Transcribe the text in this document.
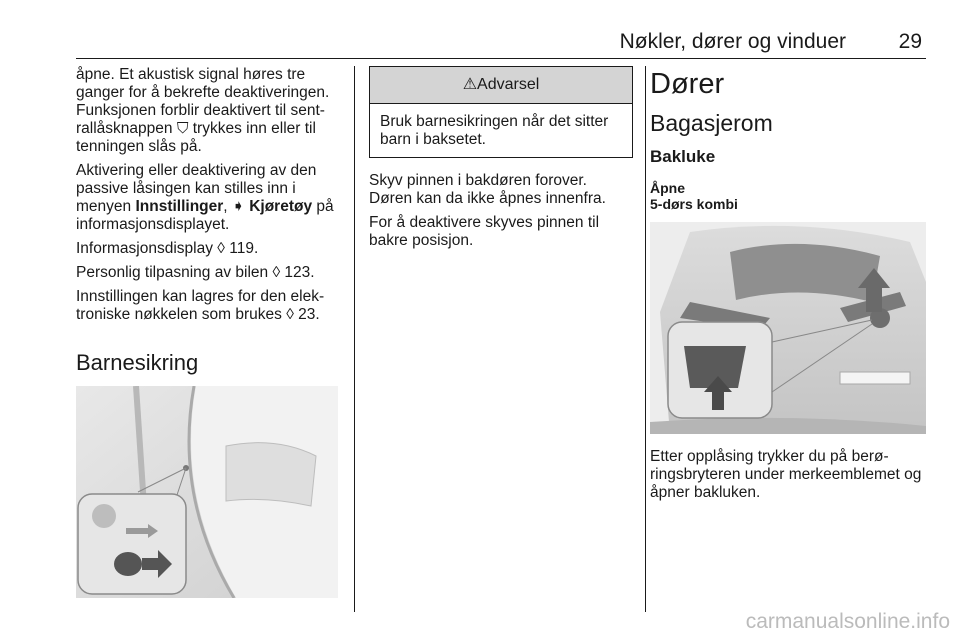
Nøkler, dører og vinduer	29

åpne. Et akustisk signal høres tre ganger for å bekrefte deaktiveringen. Funksjonen forblir deaktivert til sent-rallåsknappen ⛉ trykkes inn eller til tenningen slås på.

Aktivering eller deaktivering av den passive låsingen kan stilles inn i menyen Innstillinger, ➧ Kjøretøy på informasjonsdisplayet.

Informasjonsdisplay ◊ 119.

Personlig tilpasning av bilen ◊ 123.

Innstillingen kan lagres for den elek-troniske nøkkelen som brukes ◊ 23.

Barnesikring
⚠Advarsel
Bruk barnesikringen når det sitter barn i baksetet.

Skyv pinnen i bakdøren forover. Døren kan da ikke åpnes innenfra.

For å deaktivere skyves pinnen til bakre posisjon.

Dører
Bagasjerom
Bakluke
Åpne
5-dørs kombi

Etter opplåsing trykker du på berø-ringsbryteren under merkeemblemet og åpner bakluken.

carmanualsonline.info
